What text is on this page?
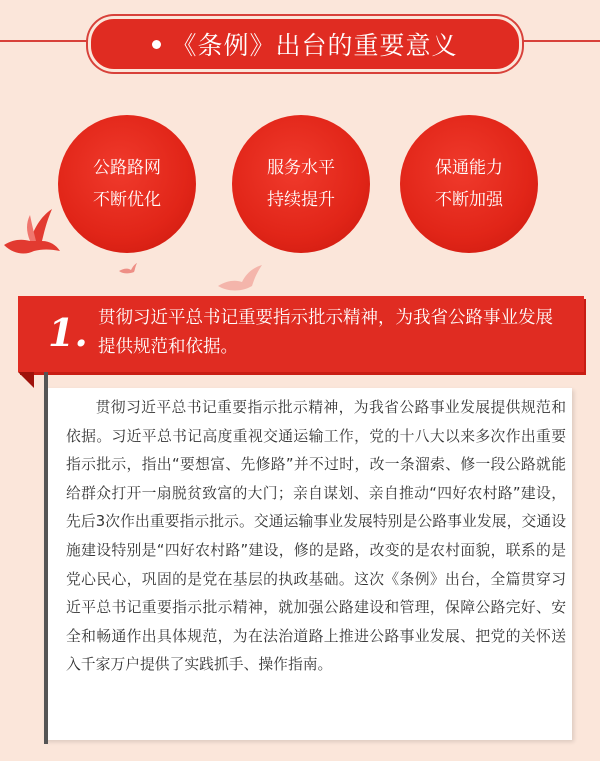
《条例》出台的重要意义
公路路网
不断优化
服务水平
持续提升
保通能力
不断加强
1. 贯彻习近平总书记重要指示批示精神，为我省公路事业发展提供规范和依据。
贯彻习近平总书记重要指示批示精神，为我省公路事业发展提供规范和依据。习近平总书记高度重视交通运输工作，党的十八大以来多次作出重要指示批示，指出“要想富、先修路”并不过时，改一条溜索、修一段公路就能给群众打开一扇脱贫致富的大门；亲自谋划、亲自推动“四好农村路”建设，先后3次作出重要指示批示。交通运输事业发展特别是公路事业发展，交通设施建设特别是“四好农村路”建设，修的是路，改变的是农村面貌，联系的是党心民心，巩固的是党在基层的执政基础。这次《条例》出台，全篇贯穿习近平总书记重要指示批示精神，就加强公路建设和管理，保障公路完好、安全和畅通作出具体规范，为在法治道路上推进公路事业发展、把党的关怀送入千家万户提供了实践抓手、操作指南。
